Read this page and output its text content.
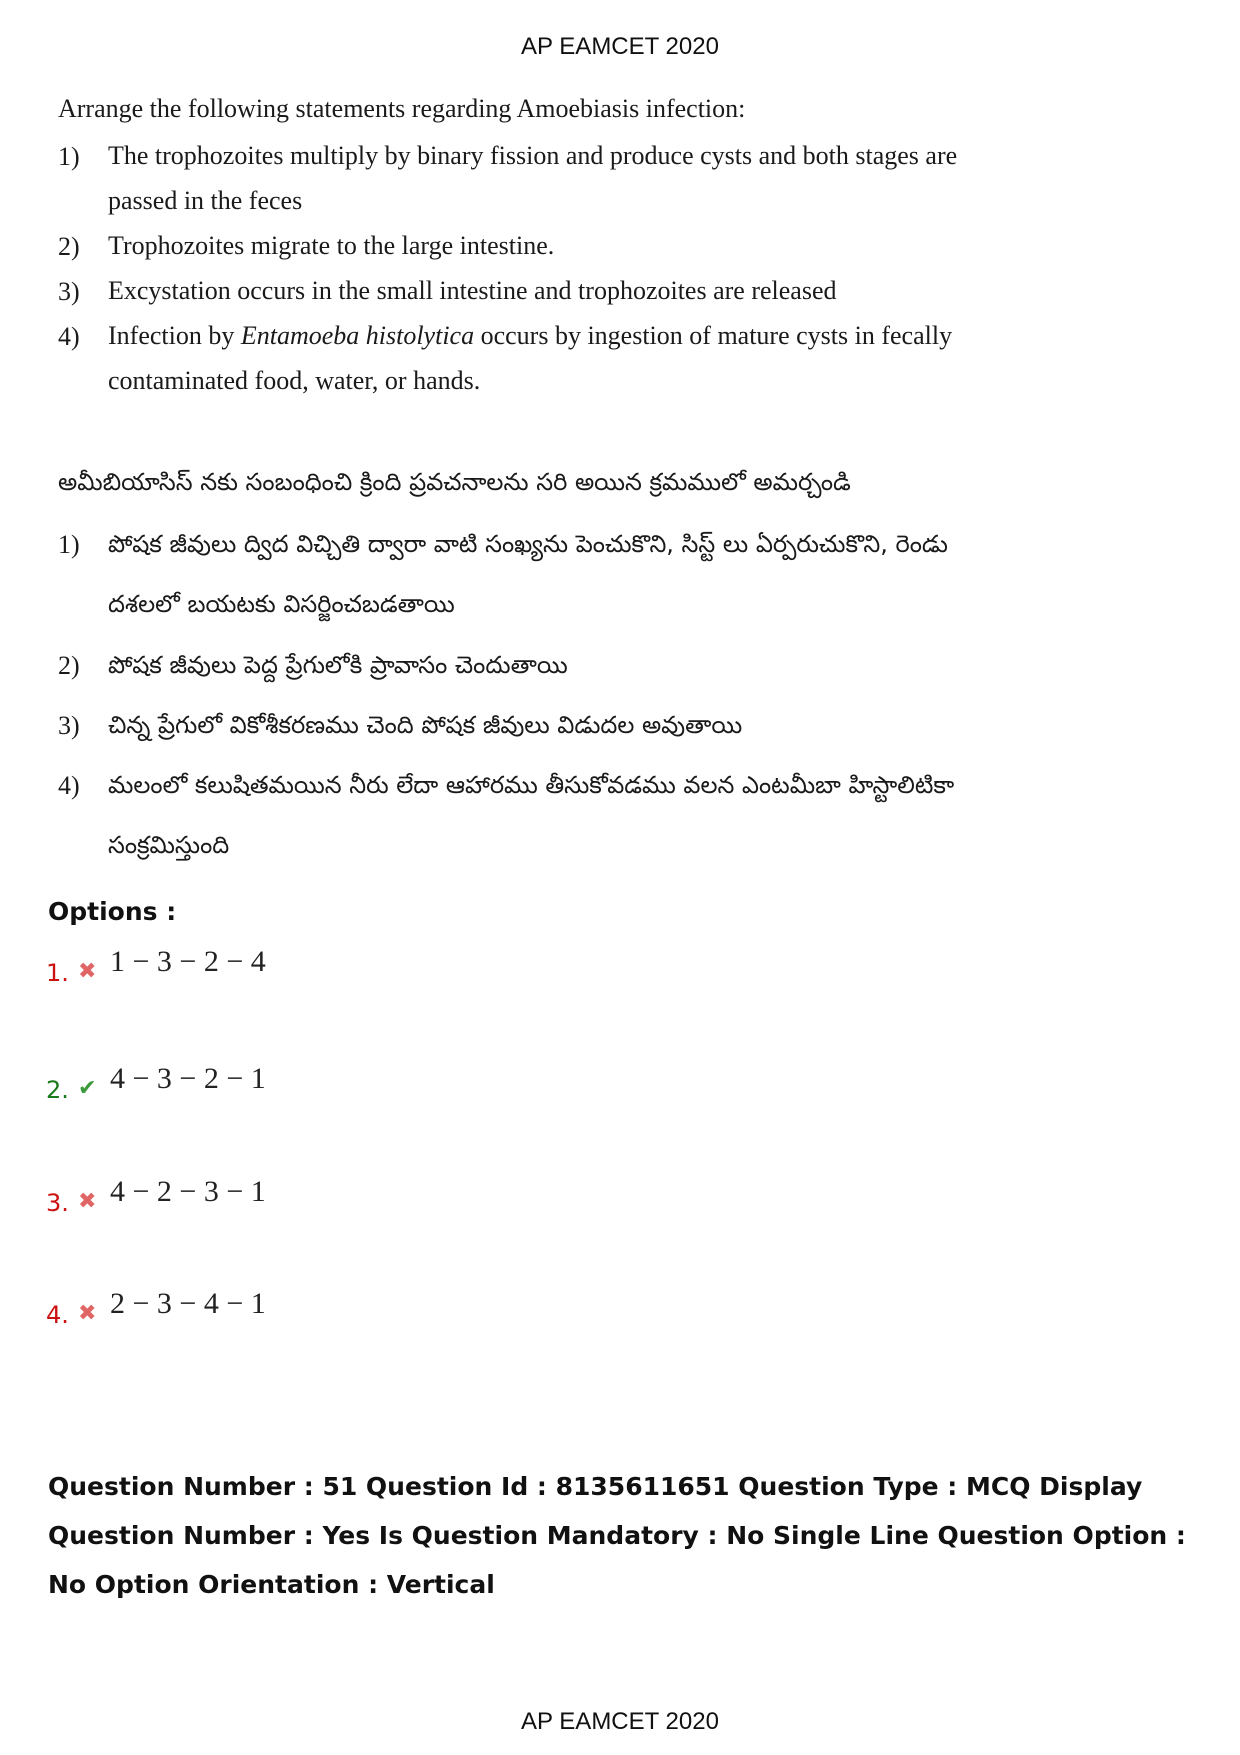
AP EAMCET 2020
Arrange the following statements regarding Amoebiasis infection:
1)	The trophozoites multiply by binary fission and produce cysts and both stages are passed in the feces
2)	Trophozoites migrate to the large intestine.
3)	Excystation occurs in the small intestine and trophozoites are released
4)	Infection by Entamoeba histolytica occurs by ingestion of mature cysts in fecally contaminated food, water, or hands.
అమీబియాసిస్ నకు సంబంధించి క్రింది ప్రవచనాలను సరి అయిన క్రమములో అమర్చండి
1)	పోషక జీవులు ద్విద విచ్చితి ద్వారా వాటి సంఖ్యను పెంచుకొని, సిస్ట్ లు ఏర్పరుచుకొని, రెండు దశలలో బయటకు విసర్జించబడతాయి
2)	పోషక జీవులు పెద్ద ప్రేగులోకి ప్రావాసం చెందుతాయి
3)	చిన్న ప్రేగులో వికోశీకరణము చెంది పోషక జీవులు విడుదల అవుతాయి
4)	మలంలో కలుషితమయిన నీరు లేదా ఆహారము తీసుకోవడము వలన ఎంటమీబా హిస్టాలిటికా సంక్రమిస్తుంది
Options :
1. ✖ 1 − 3 − 2 − 4
2. ✔ 4 − 3 − 2 − 1
3. ✖ 4 − 2 − 3 − 1
4. ✖ 2 − 3 − 4 − 1
Question Number : 51 Question Id : 8135611651 Question Type : MCQ Display Question Number : Yes Is Question Mandatory : No Single Line Question Option : No Option Orientation : Vertical
AP EAMCET 2020
